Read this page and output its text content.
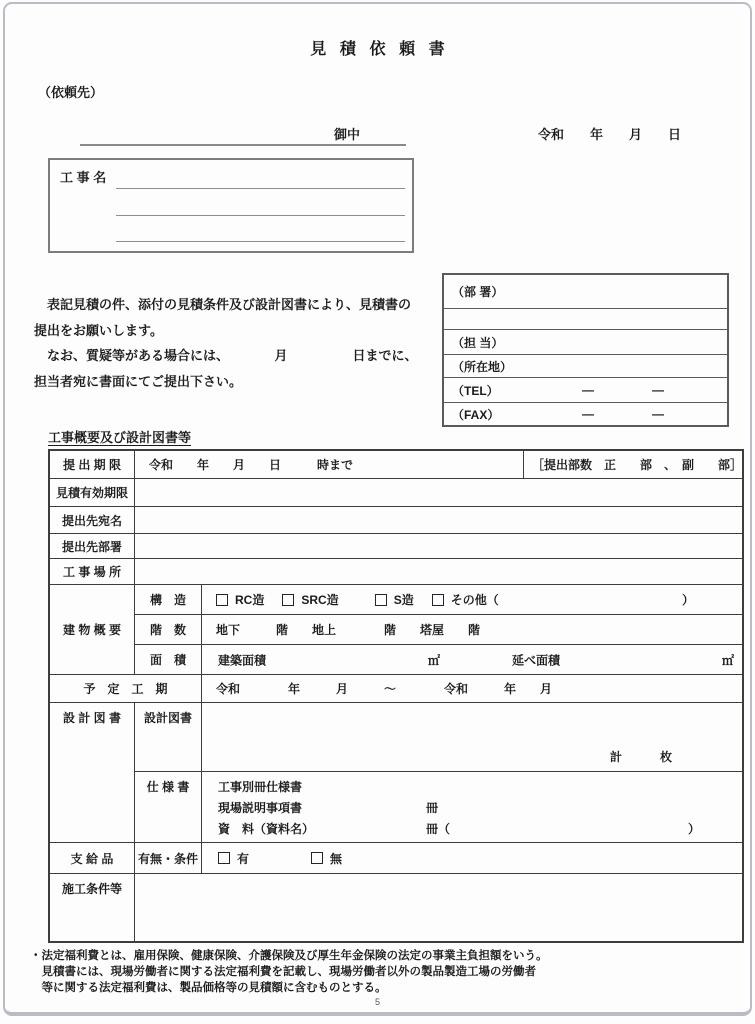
見積依頼書
（依頼先）
御中	令和　　年　　月　　日
工 事 名
　表記見積の件、添付の見積条件及び設計図書により、見積書の
提出をお願いします。
　なお、質疑等がある場合には、　　　　月　　　　　日までに、
担当者宛に書面にてご提出下さい。
（部 署）
（担 当）
（所在地）
（TEL）	—	—
（FAX）	—	—
工事概要及び設計図書等
提 出 期 限	令和　　年　　月　　日　　　時まで	［提出部数　正　　部　、　副　　部］
見積有効期限
提出先宛名
提出先部署
工 事 場 所
建 物 概 要
構　造	RC造	SRC造	S造	その他（	）
階　数	地下　　　階　　地上　　　　階　　塔屋　　階
面　積	建築面積	㎡	延べ面積	㎡
予　定　工　期	令和　　　　年　　　月　　　～　　　　令和　　　年　　月
設 計 図 書	設計図書
計	枚
仕 様 書	工事別冊仕様書
現場説明事項書	冊
資　料（資料名）	冊（	）
支 給 品	有無・条件	有	無
施工条件等
・法定福利費とは、雇用保険、健康保険、介護保険及び厚生年金保険の法定の事業主負担額をいう。
　見積書には、現場労働者に関する法定福利費を記載し、現場労働者以外の製品製造工場の労働者
　等に関する法定福利費は、製品価格等の見積額に含むものとする。
5
